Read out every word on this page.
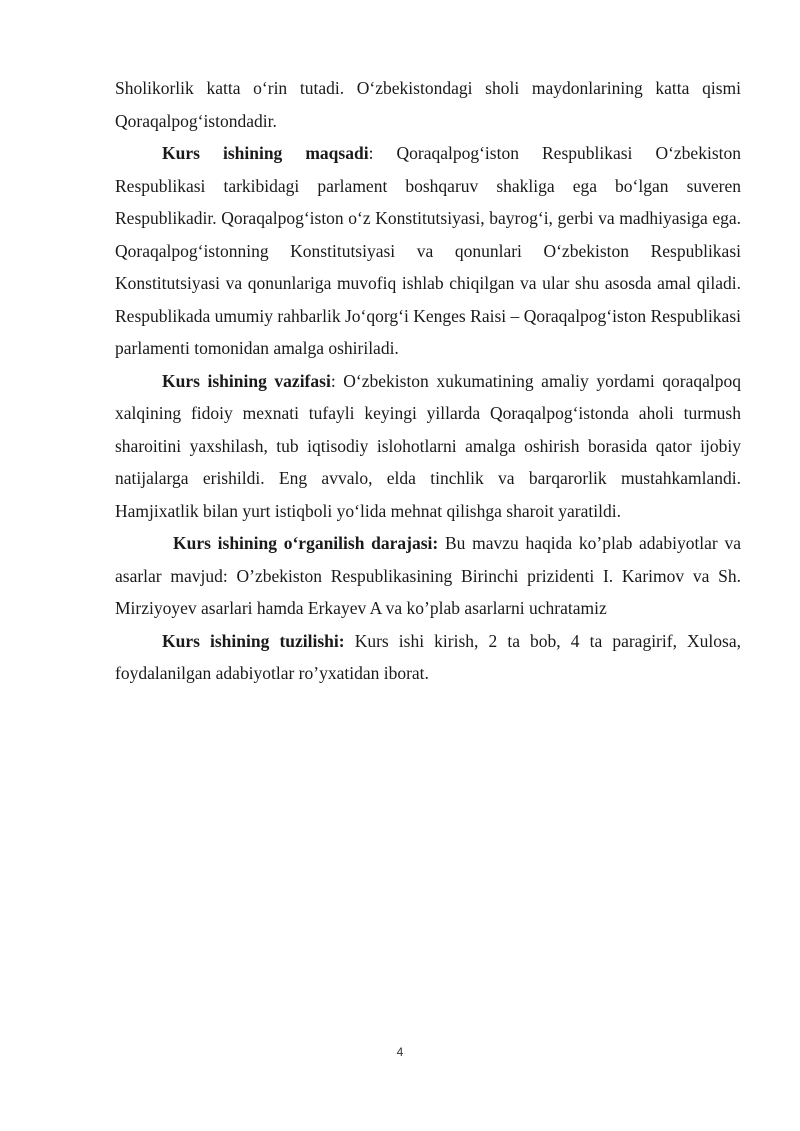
Sholikorlik katta o‘rin tutadi. O‘zbekistondagi sholi maydonlarining katta qismi Qoraqalpog‘istondadir.

Kurs ishining maqsadi: Qoraqalpog‘iston Respublikasi O‘zbekiston Respublikasi tarkibidagi parlament boshqaruv shakliga ega bo‘lgan suveren Respublikadir. Qoraqalpog‘iston o‘z Konstitutsiyasi, bayrog‘i, gerbi va madhiyasiga ega. Qoraqalpog‘istonning Konstitutsiyasi va qonunlari O‘zbekiston Respublikasi Konstitutsiyasi va qonunlariga muvofiq ishlab chiqilgan va ular shu asosda amal qiladi. Respublikada umumiy rahbarlik Jo‘qorg‘i Kenges Raisi – Qoraqalpog‘iston Respublikasi parlamenti tomonidan amalga oshiriladi.

Kurs ishining vazifasi: O‘zbekiston xukumatining amaliy yordami qoraqalpoq xalqining fidoiy mexnati tufayli keyingi yillarda Qoraqalpog‘istonda aholi turmush sharoitini yaxshilash, tub iqtisodiy islohotlarni amalga oshirish borasida qator ijobiy natijalarga erishildi. Eng avvalo, elda tinchlik va barqarorlik mustahkamlandi. Hamjixatlik bilan yurt istiqboli yo‘lida mehnat qilishga sharoit yaratildi.

Kurs ishining o‘rganilish darajasi: Bu mavzu haqida ko’plab adabiyotlar va asarlar mavjud: O’zbekiston Respublikasining Birinchi prizidenti I. Karimov va Sh. Mirziyoyev asarlari hamda Erkayev A va ko’plab asarlarni uchratamiz

Kurs ishining tuzilishi: Kurs ishi kirish, 2 ta bob, 4 ta paragirif, Xulosa, foydalanilgan adabiyotlar ro’yxatidan iborat.

4
